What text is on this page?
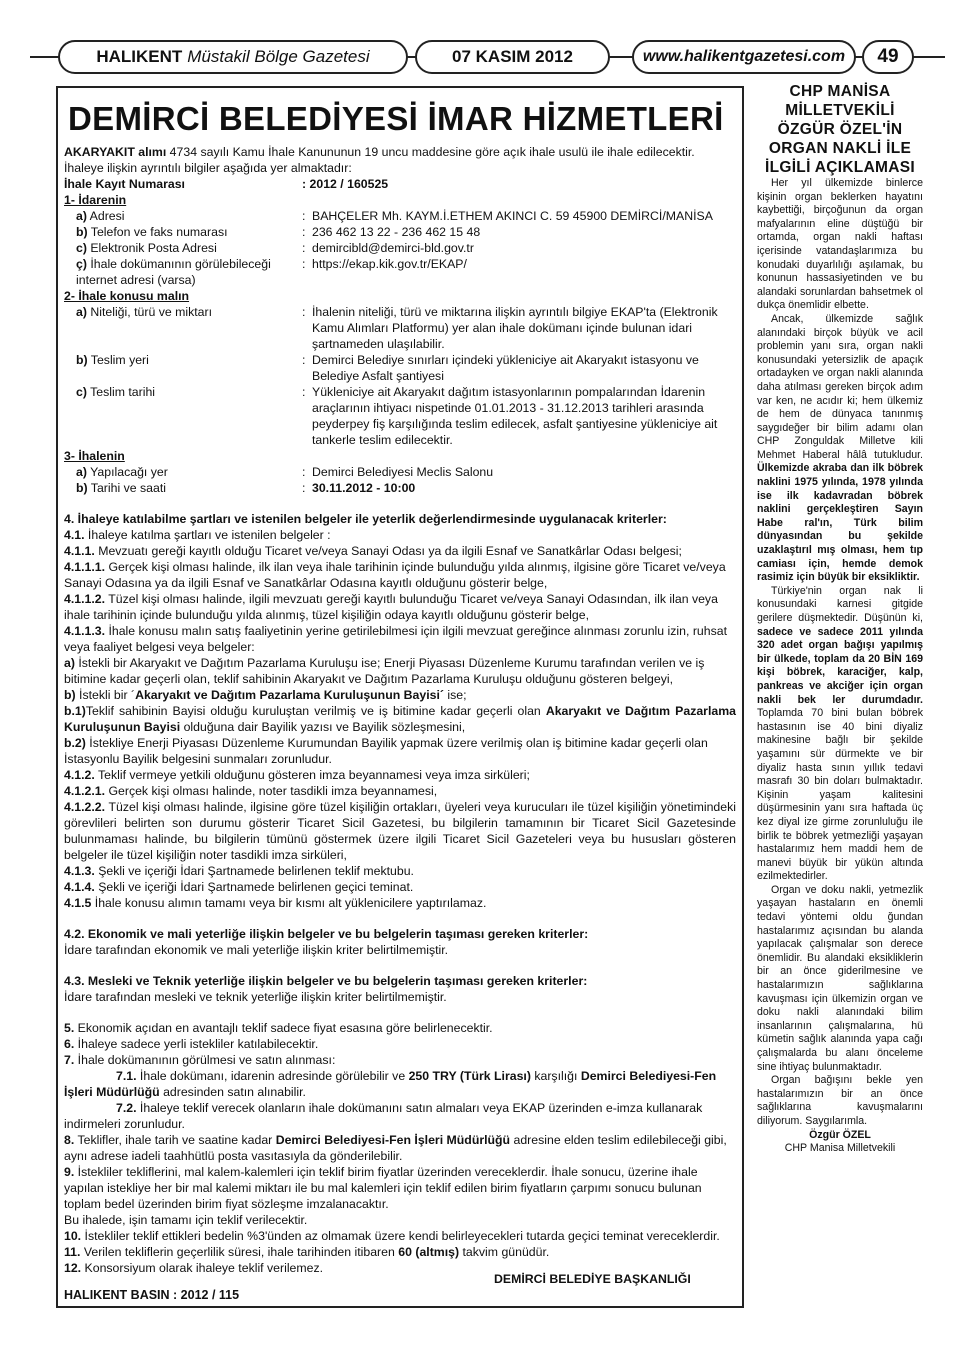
HALIKENT Müstakil Bölge Gazetesi	07 KASIM 2012	www.halikentgazetesi.com	49
DEMİRCİ BELEDİYESİ İMAR HİZMETLERİ
AKARYAKIT alımı 4734 sayılı Kamu İhale Kanununun 19 uncu maddesine göre açık ihale usulü ile ihale edilecektir.
İhaleye ilişkin ayrıntılı bilgiler aşağıda yer almaktadır:
İhale Kayıt Numarası	: 2012 / 160525
1- İdarenin
a) Adresi	: BAHÇELER Mh. KAYM.İ.ETHEM AKINCI C. 59 45900 DEMİRCİ/MANİSA
b) Telefon ve faks numarası	: 236 462 13 22 - 236 462 15 48
c) Elektronik Posta Adresi	: demircibld@demirci-bld.gov.tr
ç) İhale dokümanının görülebileceği internet adresi (varsa)
: https://ekap.kik.gov.tr/EKAP/
2- İhale konusu malın
a) Niteliği, türü ve miktarı	: İhalenin niteliği, türü ve miktarına ilişkin ayrıntılı bilgiye EKAP'ta (Elektronik Kamu Alımları Platformu) yer alan ihale dokümanı içinde bulunan idari şartnameden ulaşılabilir.
b) Teslim yeri	: Demirci Belediye sınırları içindeki yükleniciye ait Akaryakıt istasyonu ve Belediye Asfalt şantiyesi
c) Teslim tarihi	: Yükleniciye ait Akaryakıt dağıtım istasyonlarının pompalarından İdarenin araçlarının ihtiyacı nispetinde 01.01.2013 - 31.12.2013 tarihleri arasında peyderpey fiş karşılığında teslim edilecek, asfalt şantiyesine yükleniciye ait tankerle teslim edilecektir.
3- İhalenin
a) Yapılacağı yer	: Demirci Belediyesi Meclis Salonu
b) Tarihi ve saati	: 30.11.2012 - 10:00
4. İhaleye katılabilme şartları ve istenilen belgeler ile yeterlik değerlendirmesinde uygulanacak kriterler:
4.1. İhaleye katılma şartları ve istenilen belgeler :
4.1.1. Mevzuatı gereği kayıtlı olduğu Ticaret ve/veya Sanayi Odası ya da ilgili Esnaf ve Sanatkârlar Odası belgesi;
4.1.1.1. Gerçek kişi olması halinde, ilk ilan veya ihale tarihinin içinde bulunduğu yılda alınmış, ilgisine göre Ticaret ve/veya Sanayi Odasına ya da ilgili Esnaf ve Sanatkârlar Odasına kayıtlı olduğunu gösterir belge,
4.1.1.2. Tüzel kişi olması halinde, ilgili mevzuatı gereği kayıtlı bulunduğu Ticaret ve/veya Sanayi Odasından, ilk ilan veya ihale tarihinin içinde bulunduğu yılda alınmış, tüzel kişiliğin odaya kayıtlı olduğunu gösterir belge,
4.1.1.3. İhale konusu malın satış faaliyetinin yerine getirilebilmesi için ilgili mevzuat gereğince alınması zorunlu izin, ruhsat veya faaliyet belgesi veya belgeler:
a) İstekli bir Akaryakıt ve Dağıtım Pazarlama Kuruluşu ise; Enerji Piyasası Düzenleme Kurumu tarafından verilen ve iş bitimine kadar geçerli olan, teklif sahibinin Akaryakıt ve Dağıtım Pazarlama Kuruluşu olduğunu gösteren belgeyi,
b) İstekli bir ´Akaryakıt ve Dağıtım Pazarlama Kuruluşunun Bayisi´ ise;
b.1)Teklif sahibinin Bayisi olduğu kuruluştan verilmiş ve iş bitimine kadar geçerli olan Akaryakıt ve Dağıtım Pazarlama Kuruluşunun Bayisi olduğuna dair Bayilik yazısı ve Bayilik sözleşmesini,
b.2) İstekliye Enerji Piyasası Düzenleme Kurumundan Bayilik yapmak üzere verilmiş olan iş bitimine kadar geçerli olan İstasyonlu Bayilik belgesini sunmaları zorunludur.
4.1.2. Teklif vermeye yetkili olduğunu gösteren imza beyannamesi veya imza sirküleri;
4.1.2.1. Gerçek kişi olması halinde, noter tasdikli imza beyannamesi,
4.1.2.2. Tüzel kişi olması halinde, ilgisine göre tüzel kişiliğin ortakları, üyeleri veya kurucuları ile tüzel kişiliğin yönetimindeki görevlileri belirten son durumu gösterir Ticaret Sicil Gazetesi, bu bilgilerin tamamının bir Ticaret Sicil Gazetesinde bulunmaması halinde, bu bilgilerin tümünü göstermek üzere ilgili Ticaret Sicil Gazeteleri veya bu hususları gösteren belgeler ile tüzel kişiliğin noter tasdikli imza sirküleri,
4.1.3. Şekli ve içeriği İdari Şartnamede belirlenen teklif mektubu.
4.1.4. Şekli ve içeriği İdari Şartnamede belirlenen geçici teminat.
4.1.5 İhale konusu alımın tamamı veya bir kısmı alt yüklenicilere yaptırılamaz.
4.2. Ekonomik ve mali yeterliğe ilişkin belgeler ve bu belgelerin taşıması gereken kriterler:
İdare tarafından ekonomik ve mali yeterliğe ilişkin kriter belirtilmemiştir.
4.3. Mesleki ve Teknik yeterliğe ilişkin belgeler ve bu belgelerin taşıması gereken kriterler:
İdare tarafından mesleki ve teknik yeterliğe ilişkin kriter belirtilmemiştir.
5. Ekonomik açıdan en avantajlı teklif sadece fiyat esasına göre belirlenecektir.
6. İhaleye sadece yerli istekliler katılabilecektir.
7. İhale dokümanının görülmesi ve satın alınması:
7.1. İhale dokümanı, idarenin adresinde görülebilir ve 250 TRY (Türk Lirası) karşılığı Demirci Belediyesi-Fen İşleri Müdürlüğü adresinden satın alınabilir.
7.2. İhaleye teklif verecek olanların ihale dokümanını satın almaları veya EKAP üzerinden e-imza kullanarak indirmeleri zorunludur.
8. Teklifler, ihale tarih ve saatine kadar Demirci Belediyesi-Fen İşleri Müdürlüğü adresine elden teslim edilebileceği gibi, aynı adrese iadeli taahhütlü posta vasıtasıyla da gönderilebilir.
9. İstekliler tekliflerini, mal kalem-kalemleri için teklif birim fiyatlar üzerinden vereceklerdir. İhale sonucu, üzerine ihale yapılan istekliye her bir mal kalemi miktarı ile bu mal kalemleri için teklif edilen birim fiyatların çarpımı sonucu bulunan toplam bedel üzerinden birim fiyat sözleşme imzalanacaktır.
Bu ihalede, işin tamamı için teklif verilecektir.
10. İstekliler teklif ettikleri bedelin %3'ünden az olmamak üzere kendi belirleyecekleri tutarda geçici teminat vereceklerdir.
11. Verilen tekliflerin geçerlilik süresi, ihale tarihinden itibaren 60 (altmış) takvim günüdür.
12. Konsorsiyum olarak ihaleye teklif verilemez.
HALIKENT BASIN : 2012 / 115
DEMİRCİ BELEDİYE BAŞKANLIĞI
CHP MANİSA MİLLETVEKİLİ ÖZGÜR ÖZEL'İN ORGAN NAKLİ İLE İLGİLİ AÇIKLAMASI

Her yıl ülkemizde binlerce kişinin organ beklerken hayatını kaybettiği, birçoğunun da organ mafyalarının eline düştüğü bir ortamda, organ nakli haftası içerisinde vatandaşlarımıza bu konudaki duyarlılığı aşılamak, bu konunun hassasiyetinden ve bu alandaki sorunlardan bahsetmek ol dukça önemlidir elbette.

Ancak, ülkemizde sağlık alanındaki birçok büyük ve acil problemin yanı sıra, organ nakli konusundaki yetersizlik de apaçık ortadayken ve organ nakli alanında daha atılması gereken birçok adım var ken, ne acıdır ki; hem ülkemiz de hem de dünyaca tanınmış saygıdeğer bir bilim adamı olan CHP Zonguldak Milletve kili Mehmet Haberal hâlâ tutukludur. Ülkemizde akraba dan ilk böbrek naklini 1975 yılında, 1978 yılında ise ilk kadavradan böbrek naklini gerçekleştiren Sayın Habe ral'ın, Türk bilim dünyasından bu şekilde uzaklaştırıl mış olması, hem tıp camiası için, hemde demok rasimiz için büyük bir eksikliktir.

Türkiye'nin organ nak li konusundaki karnesi gitgide gerilere düşmektedir. Düşünün ki, sadece ve sadece 2011 yılında 320 adet organ bağışı yapılmış bir ülkede, toplam da 20 BİN 169 kişi böbrek, karaciğer, kalp, pankreas ve akciğer için organ nakli bek ler durumdadır. Toplamda 70 bini bulan böbrek hastasının ise 40 bini diyaliz makinesine bağlı bir şekilde yaşamını sür dürmekte ve bir diyaliz hasta sının yıllık tedavi masrafı 30 bin doları bulmaktadır. Kişinin yaşam kalitesini düşürmesinin yanı sıra haftada üç kez diyal ize girme zorunluluğu ile birlik te böbrek yetmezliği yaşayan hastalarımız hem maddi hem de manevi büyük bir yükün altında ezilmektedirler.

Organ ve doku nakli, yetmezlik yaşayan hastaların en önemli tedavi yöntemi oldu ğundan hastalarımız açısından bu alanda yapılacak çalışmalar son derece önemlidir. Bu alandaki eksikliklerin bir an önce giderilmesine ve hastalarımızın sağlıklarına kavuşması için ülkemizin organ ve doku nakli alanındaki bilim insanlarının çalışmalarına, hü kümetin sağlık alanında yapa cağı çalışmalarda bu alanı önceleme sine ihtiyaç bulunmaktadır.

Organ bağışını bekle yen hastalarımızın bir an önce sağlıklarına kavuşmalarını diliyorum. Saygılarımla.

Özgür ÖZEL

CHP Manisa Milletvekili
